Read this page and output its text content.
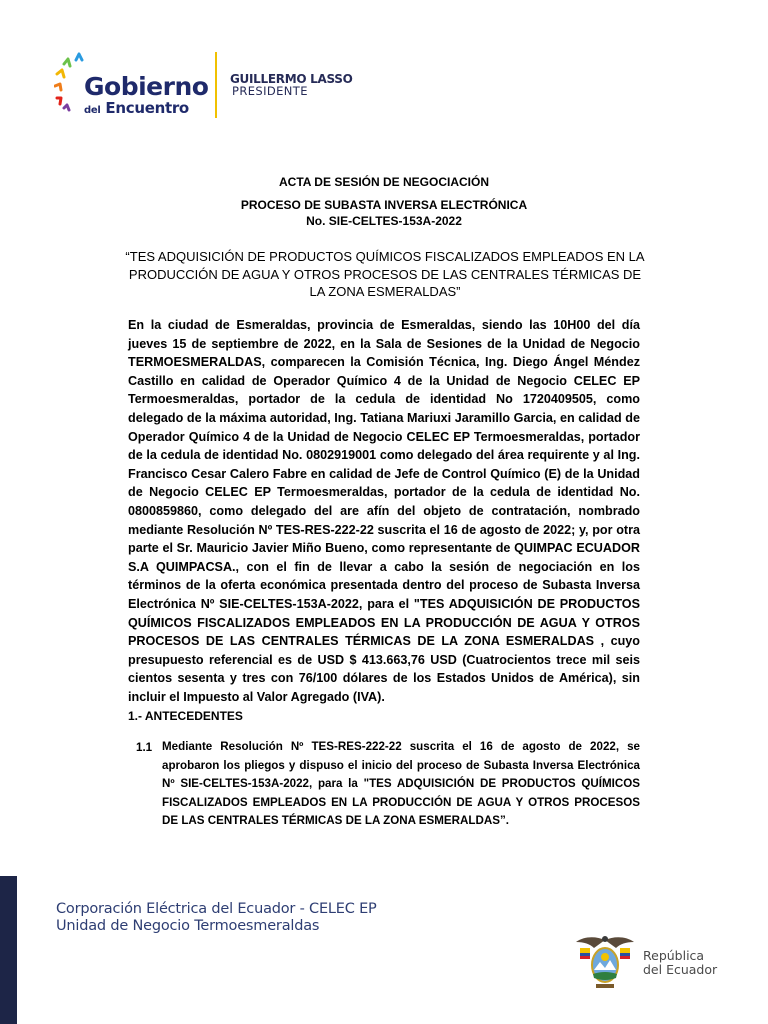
Gobierno
del Encuentro
GUILLERMO LASSO
PRESIDENTE
ACTA DE SESIÓN DE NEGOCIACIÓN
PROCESO DE SUBASTA INVERSA ELECTRÓNICA
No. SIE-CELTES-153A-2022
“TES ADQUISICIÓN DE PRODUCTOS QUÍMICOS FISCALIZADOS EMPLEADOS EN LA PRODUCCIÓN DE AGUA Y OTROS PROCESOS DE LAS CENTRALES TÉRMICAS DE LA ZONA ESMERALDAS”
En la ciudad de Esmeraldas, provincia de Esmeraldas, siendo las 10H00 del día jueves 15 de septiembre de 2022, en la Sala de Sesiones de la Unidad de Negocio TERMOESMERALDAS, comparecen la Comisión Técnica, Ing. Diego Ángel Méndez Castillo en calidad de Operador Químico 4 de la Unidad de Negocio CELEC EP Termoesmeraldas, portador de la cedula de identidad No 1720409505, como delegado de la máxima autoridad, Ing. Tatiana Mariuxi Jaramillo Garcia, en calidad de Operador Químico 4 de la Unidad de Negocio CELEC EP Termoesmeraldas, portador de la cedula de identidad No. 0802919001 como delegado del área requirente y al Ing. Francisco Cesar Calero Fabre en calidad de Jefe de Control Químico (E) de la Unidad de Negocio CELEC EP Termoesmeraldas, portador de la cedula de identidad No. 0800859860, como delegado del are afín del objeto de contratación, nombrado mediante Resolución Nº TES-RES-222-22 suscrita el 16 de agosto de 2022; y, por otra parte el Sr. Mauricio Javier Miño Bueno, como representante de QUIMPAC ECUADOR S.A QUIMPACSA., con el fin de llevar a cabo la sesión de negociación en los términos de la oferta económica presentada dentro del proceso de Subasta Inversa Electrónica Nº SIE-CELTES-153A-2022, para el "TES ADQUISICIÓN DE PRODUCTOS QUÍMICOS FISCALIZADOS EMPLEADOS EN LA PRODUCCIÓN DE AGUA Y OTROS PROCESOS DE LAS CENTRALES TÉRMICAS DE LA ZONA ESMERALDAS , cuyo presupuesto referencial es de USD $ 413.663,76 USD (Cuatrocientos trece mil seis cientos sesenta y tres con 76/100 dólares de los Estados Unidos de América), sin incluir el Impuesto al Valor Agregado (IVA).
1.- ANTECEDENTES
1.1 Mediante Resolución Nº TES-RES-222-22 suscrita el 16 de agosto de 2022, se aprobaron los pliegos y dispuso el inicio del proceso de Subasta Inversa Electrónica Nº SIE-CELTES-153A-2022, para la "TES ADQUISICIÓN DE PRODUCTOS QUÍMICOS FISCALIZADOS EMPLEADOS EN LA PRODUCCIÓN DE AGUA Y OTROS PROCESOS DE LAS CENTRALES TÉRMICAS DE LA ZONA ESMERALDAS”.
Corporación Eléctrica del Ecuador - CELEC EP
Unidad de Negocio Termoesmeraldas
República
del Ecuador
